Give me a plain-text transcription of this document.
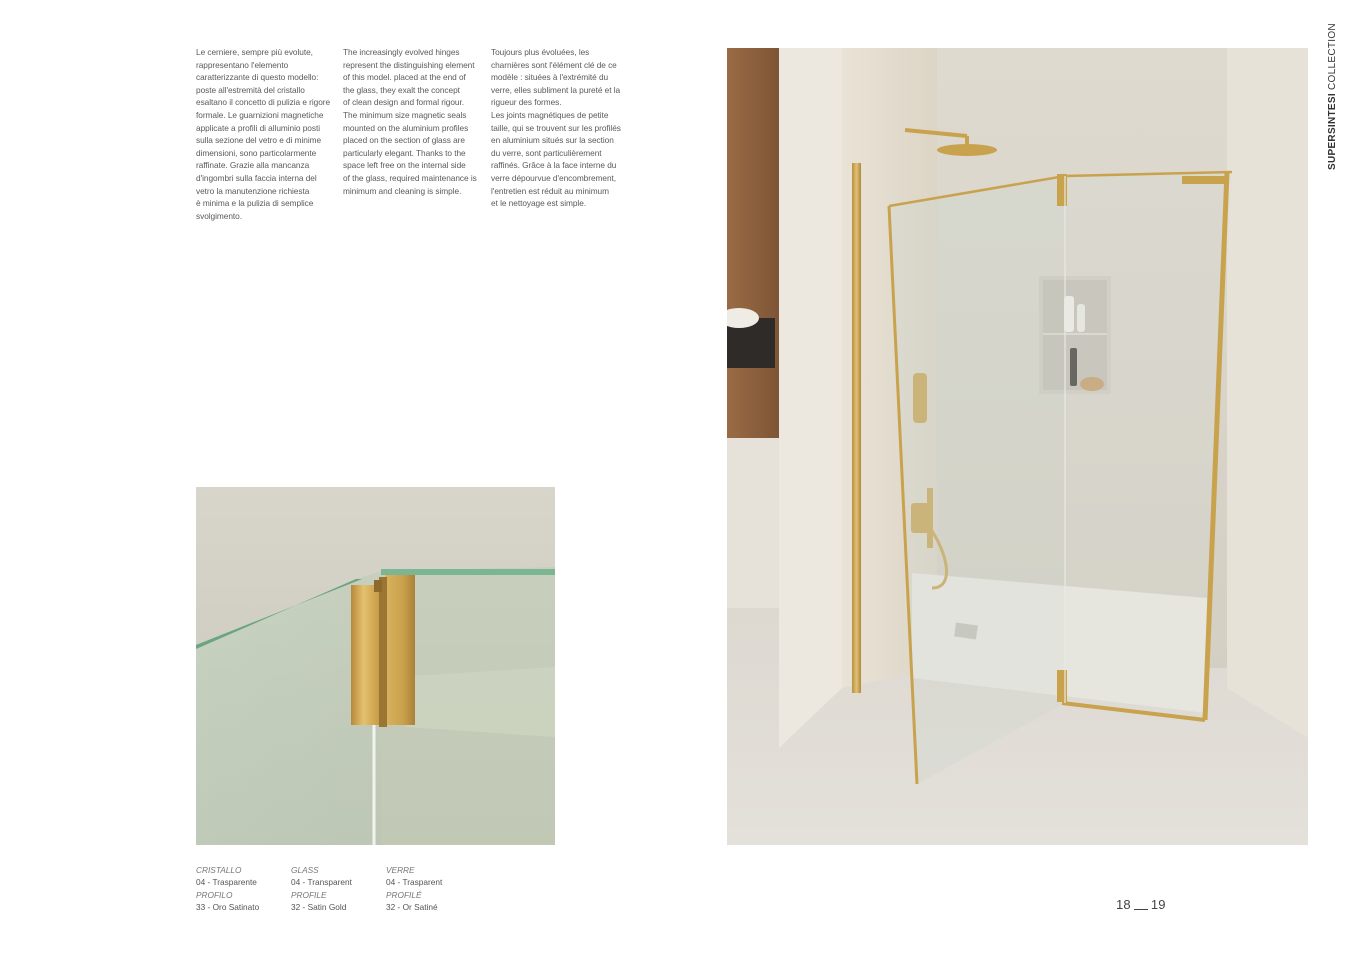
Le cerniere, sempre più evolute,
rappresentano l'elemento
caratterizzante di questo modello:
poste all'estremità del cristallo
esaltano il concetto di pulizia e rigore
formale. Le guarnizioni magnetiche
applicate a profili di alluminio posti
sulla sezione del vetro e di minime
dimensioni, sono particolarmente
raffinate. Grazie alla mancanza
d'ingombri sulla faccia interna del
vetro la manutenzione richiesta
è minima e la pulizia di semplice
svolgimento.
The increasingly evolved hinges
represent the distinguishing element
of this model. placed at the end of
the glass, they exalt the concept
of clean design and formal rigour.
The minimum size magnetic seals
mounted on the aluminium profiles
placed on the section of glass are
particularly elegant. Thanks to the
space left free on the internal side
of the glass, required maintenance is
minimum and cleaning is simple.
Toujours plus évoluées, les
charnières sont l'élément clé de ce
modèle : situées à l'extrémité du
verre, elles subliment la pureté et la
rigueur des formes.
Les joints magnétiques de petite
taille, qui se trouvent sur les profilés
en aluminium situés sur la section
du verre, sont particulièrement
raffinés. Grâce à la face interne du
verre dépourvue d'encombrement,
l'entretien est réduit au minimum
et le nettoyage est simple.
CRISTALLO
04 - Trasparente
PROFILO
33 - Oro Satinato
GLASS
04 - Transparent
PROFILE
32 - Satin Gold
VERRE
04 - Trasparent
PROFILÉ
32 - Or Satiné	18 19
SUPERSINTESI COLLECTION
